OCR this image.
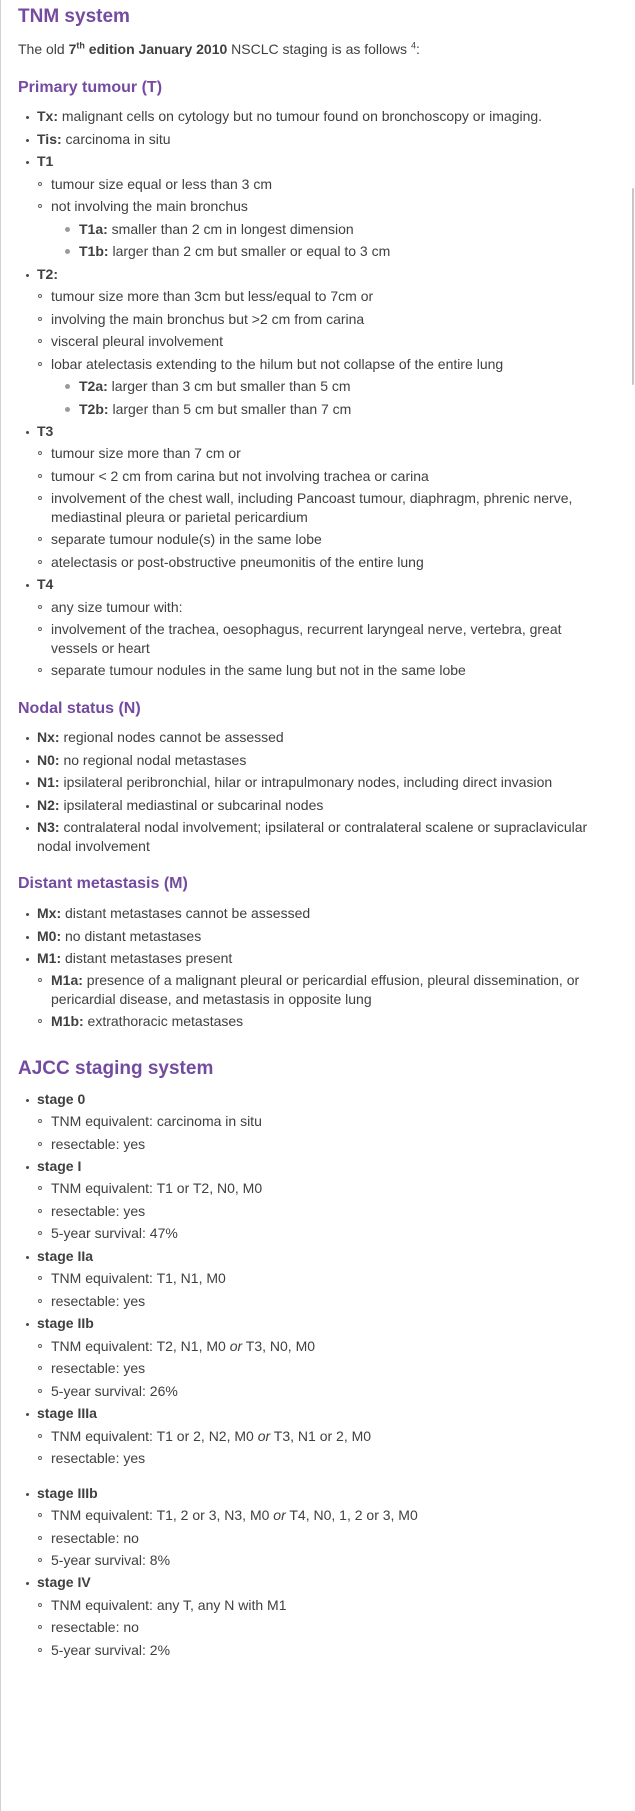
TNM system

The old 7th edition January 2010 NSCLC staging is as follows $^4$:

Primary tumour (T)
Tx: malignant cells on cytology but no tumour found on bronchoscopy or imaging.
Tis: carcinoma in situ
T1
tumour size equal or less than 3 cm
not involving the main bronchus
T1a: smaller than 2 cm in longest dimension
T1b: larger than 2 cm but smaller or equal to 3 cm
T2:
tumour size more than 3cm but less/equal to 7cm or
involving the main bronchus but >2 cm from carina
visceral pleural involvement
lobar atelectasis extending to the hilum but not collapse of the entire lung
T2a: larger than 3 cm but smaller than 5 cm
T2b: larger than 5 cm but smaller than 7 cm
T3
tumour size more than 7 cm or
tumour < 2 cm from carina but not involving trachea or carina
involvement of the chest wall, including Pancoast tumour, diaphragm, phrenic nerve, mediastinal pleura or parietal pericardium
separate tumour nodule(s) in the same lobe
atelectasis or post-obstructive pneumonitis of the entire lung
T4
any size tumour with:
involvement of the trachea, oesophagus, recurrent laryngeal nerve, vertebra, great vessels or heart
separate tumour nodules in the same lung but not in the same lobe
Nodal status (N)
Nx: regional nodes cannot be assessed
N0: no regional nodal metastases
N1: ipsilateral peribronchial, hilar or intrapulmonary nodes, including direct invasion
N2: ipsilateral mediastinal or subcarinal nodes
N3: contralateral nodal involvement; ipsilateral or contralateral scalene or supraclavicular nodal involvement
Distant metastasis (M)
Mx: distant metastases cannot be assessed
M0: no distant metastases
M1: distant metastases present
M1a: presence of a malignant pleural or pericardial effusion, pleural dissemination, or pericardial disease, and metastasis in opposite lung
M1b: extrathoracic metastases
AJCC staging system
stage 0
TNM equivalent: carcinoma in situ
resectable: yes
stage I
TNM equivalent: T1 or T2, N0, M0
resectable: yes
5-year survival: 47%
stage IIa
TNM equivalent: T1, N1, M0
resectable: yes
stage IIb
TNM equivalent: T2, N1, M0 or T3, N0, M0
resectable: yes
5-year survival: 26%
stage IIIa
TNM equivalent: T1 or 2, N2, M0 or T3, N1 or 2, M0
resectable: yes
stage IIIb
TNM equivalent: T1, 2 or 3, N3, M0 or T4, N0, 1, 2 or 3, M0
resectable: no
5-year survival: 8%
stage IV
TNM equivalent: any T, any N with M1
resectable: no
5-year survival: 2%
